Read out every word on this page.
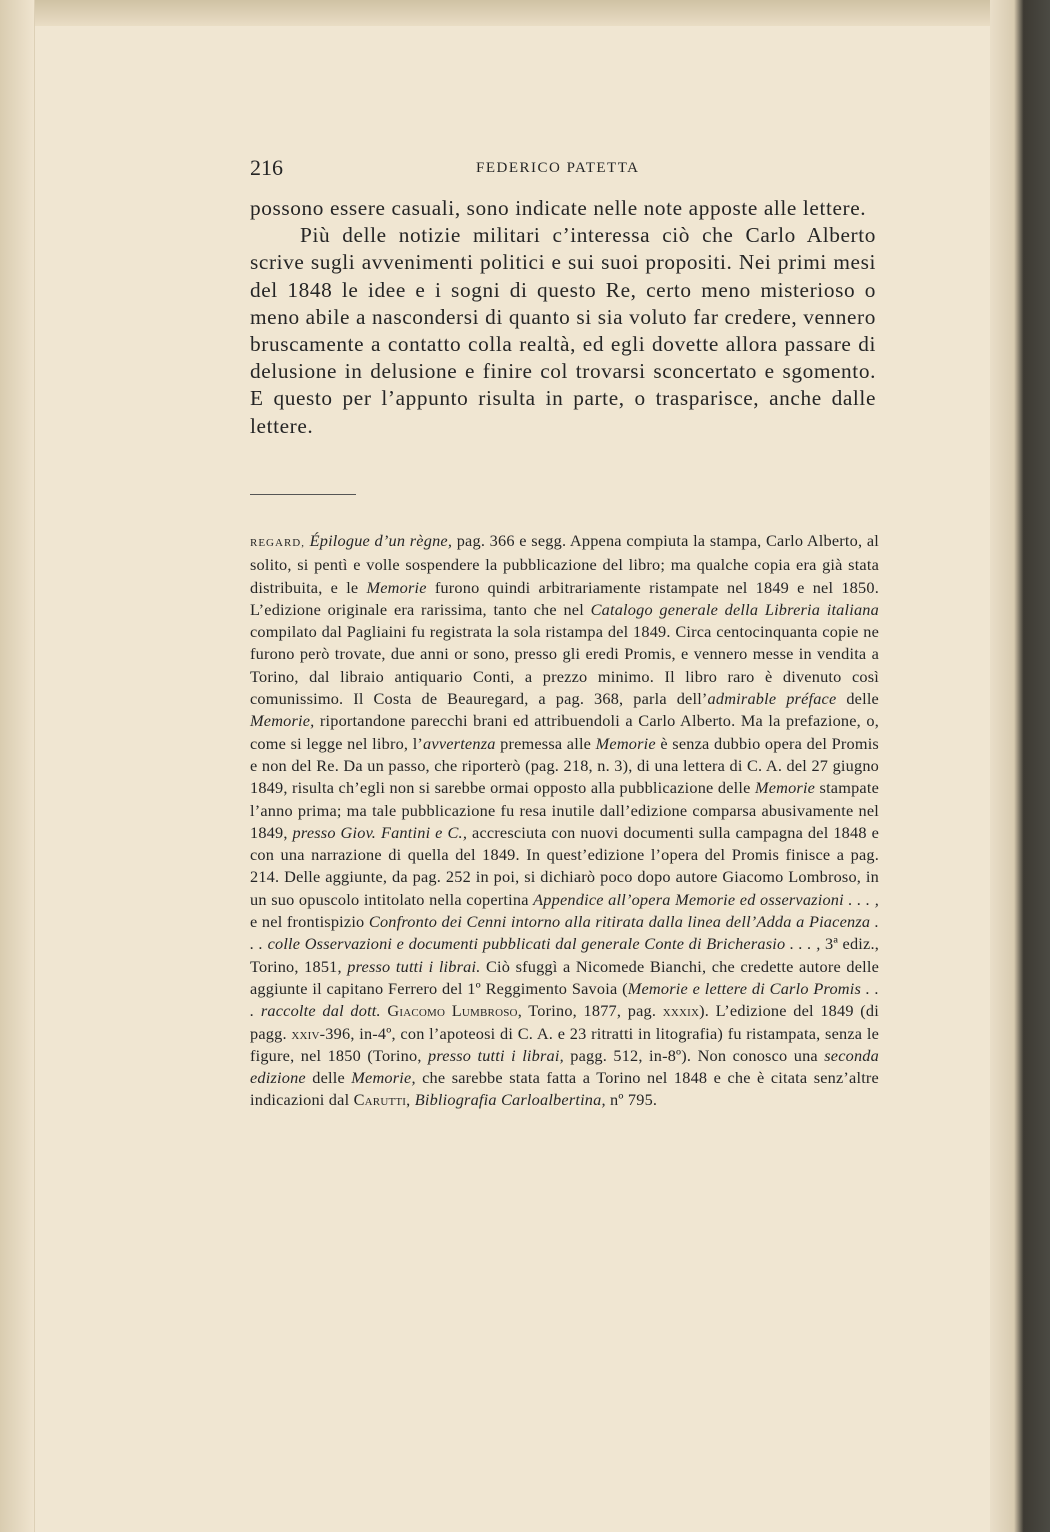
216	FEDERICO PATETTA

possono essere casuali, sono indicate nelle note apposte alle lettere.

Più delle notizie militari c’interessa ciò che Carlo Alberto scrive sugli avvenimenti politici e sui suoi propositi. Nei primi mesi del 1848 le idee e i sogni di questo Re, certo meno misterioso o meno abile a nascondersi di quanto si sia voluto far credere, vennero bruscamente a contatto colla realtà, ed egli dovette allora passare di delusione in delusione e finire col trovarsi sconcertato e sgomento. E questo per l’appunto risulta in parte, o trasparisce, anche dalle lettere.

REGARD, Épilogue d’un règne, pag. 366 e segg. Appena compiuta la stampa, Carlo Alberto, al solito, si pentì e volle sospendere la pubblicazione del libro; ma qualche copia era già stata distribuita, e le Memorie furono quindi arbitrariamente ristampate nel 1849 e nel 1850. L’edizione originale era rarissima, tanto che nel Catalogo generale della Libreria italiana compilato dal Pagliaini fu registrata la sola ristampa del 1849. Circa centocinquanta copie ne furono però trovate, due anni or sono, presso gli eredi Promis, e vennero messe in vendita a Torino, dal libraio antiquario Conti, a prezzo minimo. Il libro raro è divenuto così comunissimo. Il Costa de Beauregard, a pag. 368, parla dell’admirable préface delle Memorie, riportandone parecchi brani ed attribuendoli a Carlo Alberto. Ma la prefazione, o, come si legge nel libro, l’avvertenza premessa alle Memorie è senza dubbio opera del Promis e non del Re. Da un passo, che riporterò (pag. 218, n. 3), di una lettera di C. A. del 27 giugno 1849, risulta ch’egli non si sarebbe ormai opposto alla pubblicazione delle Memorie stampate l’anno prima; ma tale pubblicazione fu resa inutile dall’edizione comparsa abusivamente nel 1849, presso Giov. Fantini e C., accresciuta con nuovi documenti sulla campagna del 1848 e con una narrazione di quella del 1849. In quest’edizione l’opera del Promis finisce a pag. 214. Delle aggiunte, da pag. 252 in poi, si dichiarò poco dopo autore Giacomo Lombroso, in un suo opuscolo intitolato nella copertina Appendice all’opera Memorie ed osservazioni . . . , e nel frontispizio Confronto dei Cenni intorno alla ritirata dalla linea dell’Adda a Piacenza . . . colle Osservazioni e documenti pubblicati dal generale Conte di Bricherasio . . . , 3ª ediz., Torino, 1851, presso tutti i librai. Ciò sfuggì a Nicomede Bianchi, che credette autore delle aggiunte il capitano Ferrero del 1º Reggimento Savoia (Memorie e lettere di Carlo Promis . . . raccolte dal dott. Giacomo Lumbroso, Torino, 1877, pag. xxxix). L’edizione del 1849 (di pagg. xxiv-396, in-4º, con l’apoteosi di C. A. e 23 ritratti in litografia) fu ristampata, senza le figure, nel 1850 (Torino, presso tutti i librai, pagg. 512, in-8º). Non conosco una seconda edizione delle Memorie, che sarebbe stata fatta a Torino nel 1848 e che è citata senz’altre indicazioni dal Carutti, Bibliografia Carloalbertina, nº 795.
